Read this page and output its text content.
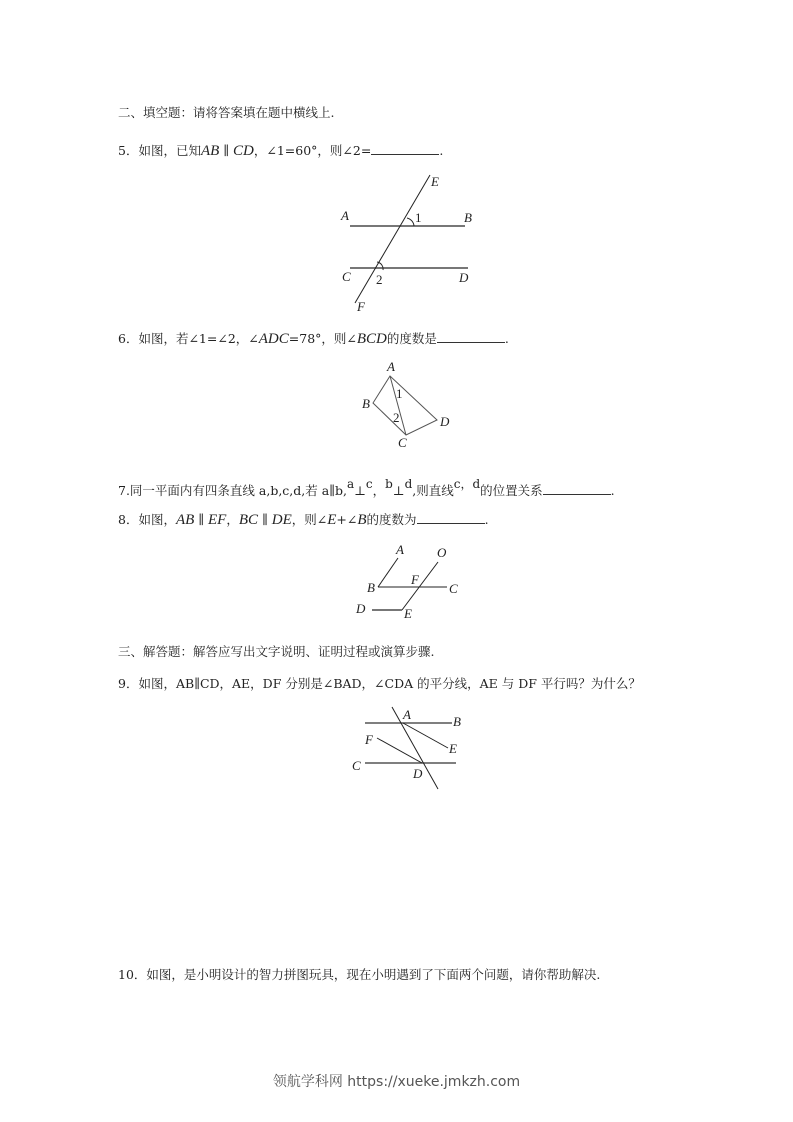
二、填空题：请将答案填在题中横线上.
5．如图，已知AB ∥ CD，∠1=60°，则∠2=	.
6．如图，若∠1=∠2，∠ADC=78°，则∠BCD的度数是	.
7.同一平面内有四条直线 a,b,c,d,若 a∥b,a⊥c，b⊥d,则直线c，d的位置关系	.
8．如图，AB ∥ EF，BC ∥ DE，则∠E+∠B的度数为	.
三、解答题：解答应写出文字说明、证明过程或演算步骤.
9．如图，AB∥CD，AE，DF 分别是∠BAD，∠CDA 的平分线，AE 与 DF 平行吗？为什么？
10．如图，是小明设计的智力拼图玩具，现在小明遇到了下面两个问题，请你帮助解决.
E
A	1	B
C 2	D
F
A
B
1
2	D
C
A	O
B
F
C
D	E
A	B
F
E
C
D
领航学科网 https://xueke.jmkzh.com
